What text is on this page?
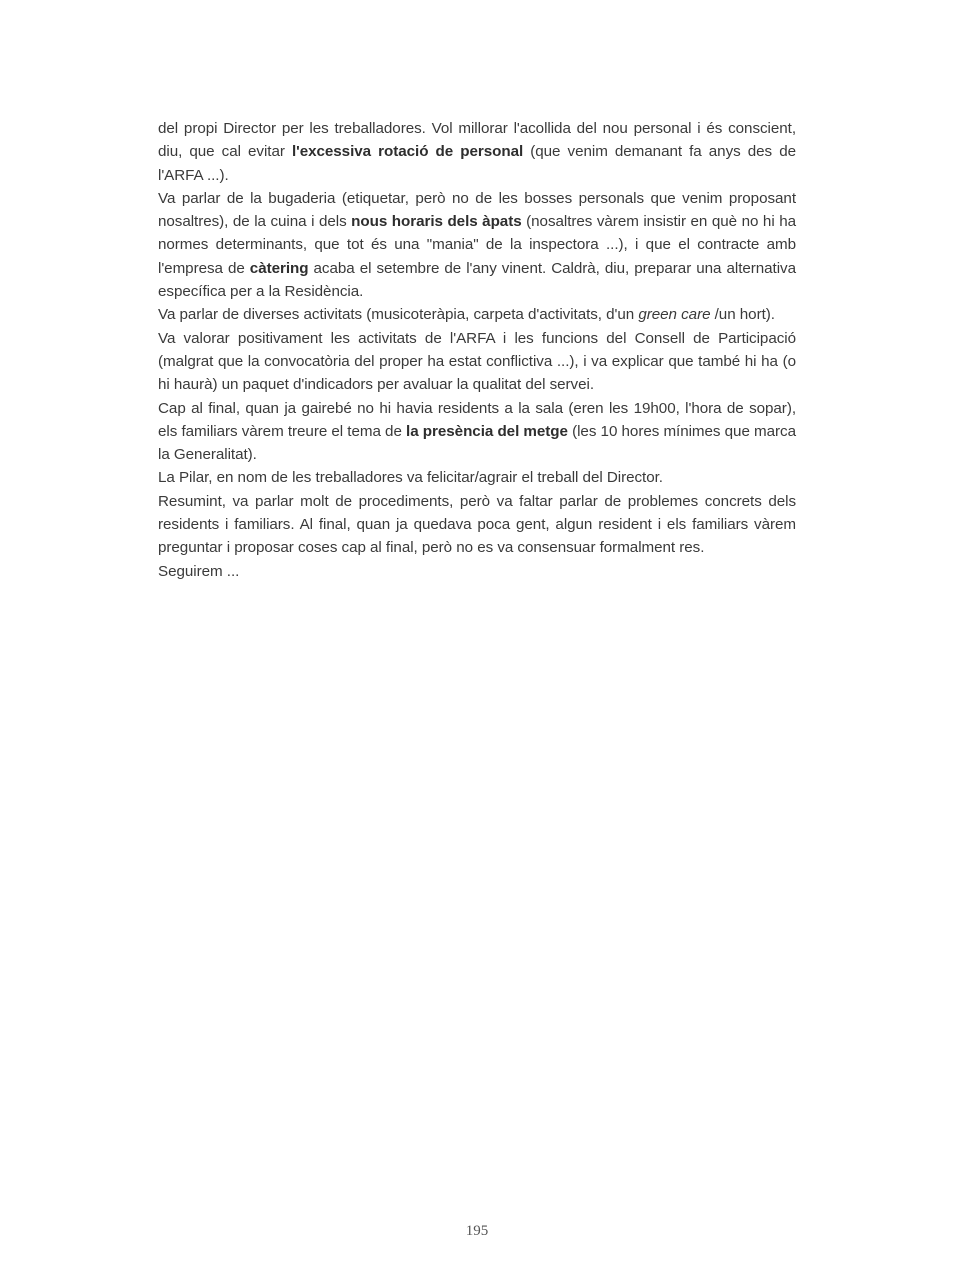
del propi Director per les treballadores. Vol millorar l'acollida del nou personal i és conscient, diu, que cal evitar l'excessiva rotació de personal (que venim demanant fa anys des de l'ARFA ...).

Va parlar de la bugaderia (etiquetar, però no de les bosses personals que venim proposant nosaltres), de la cuina i dels nous horaris dels àpats (nosaltres vàrem insistir en què no hi ha normes determinants, que tot és una "mania" de la inspectora ...), i que el contracte amb l'empresa de càtering acaba el setembre de l'any vinent. Caldrà, diu, preparar una alternativa específica per a la Residència.

Va parlar de diverses activitats (musicoteràpia, carpeta d'activitats, d'un green care /un hort).

Va valorar positivament les activitats de l'ARFA i les funcions del Consell de Participació (malgrat que la convocatòria del proper ha estat conflictiva ...), i va explicar que també hi ha (o hi haurà) un paquet d'indicadors per avaluar la qualitat del servei.

Cap al final, quan ja gairebé no hi havia residents a la sala (eren les 19h00, l'hora de sopar), els familiars vàrem treure el tema de la presència del metge (les 10 hores mínimes que marca la Generalitat).

La Pilar, en nom de les treballadores va felicitar/agrair el treball del Director.

Resumint, va parlar molt de procediments, però va faltar parlar de problemes concrets dels residents i familiars. Al final, quan ja quedava poca gent, algun resident i els familiars vàrem preguntar i proposar coses cap al final, però no es va consensuar formalment res.

Seguirem ...

195
